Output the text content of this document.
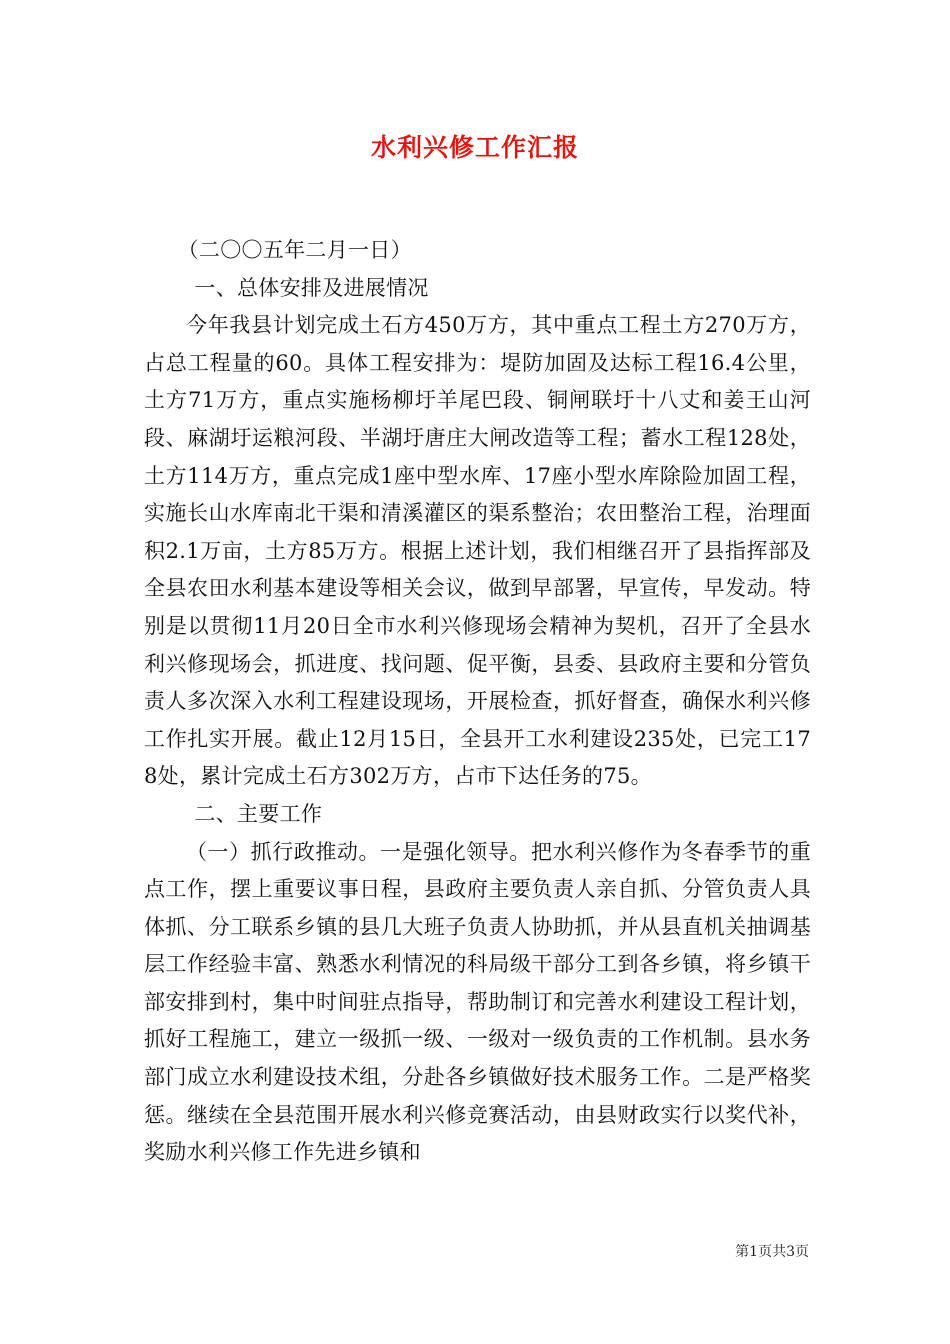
水利兴修工作汇报

（二〇〇五年二月一日）

一、总体安排及进展情况

今年我县计划完成土石方450万方，其中重点工程土方270万方，占总工程量的60。具体工程安排为：堤防加固及达标工程16.4公里，土方71万方，重点实施杨柳圩羊尾巴段、铜闸联圩十八丈和姜王山河段、麻湖圩运粮河段、半湖圩唐庄大闸改造等工程；蓄水工程128处，土方114万方，重点完成1座中型水库、17座小型水库除险加固工程，实施长山水库南北干渠和清溪灌区的渠系整治；农田整治工程，治理面积2.1万亩，土方85万方。根据上述计划，我们相继召开了县指挥部及全县农田水利基本建设等相关会议，做到早部署，早宣传，早发动。特别是以贯彻11月20日全市水利兴修现场会精神为契机，召开了全县水利兴修现场会，抓进度、找问题、促平衡，县委、县政府主要和分管负责人多次深入水利工程建设现场，开展检查，抓好督查，确保水利兴修工作扎实开展。截止12月15日，全县开工水利建设235处，已完工178处，累计完成土石方302万方，占市下达任务的75。

二、主要工作

（一）抓行政推动。一是强化领导。把水利兴修作为冬春季节的重点工作，摆上重要议事日程，县政府主要负责人亲自抓、分管负责人具体抓、分工联系乡镇的县几大班子负责人协助抓，并从县直机关抽调基层工作经验丰富、熟悉水利情况的科局级干部分工到各乡镇，将乡镇干部安排到村，集中时间驻点指导，帮助制订和完善水利建设工程计划，抓好工程施工，建立一级抓一级、一级对一级负责的工作机制。县水务部门成立水利建设技术组，分赴各乡镇做好技术服务工作。二是严格奖惩。继续在全县范围开展水利兴修竞赛活动，由县财政实行以奖代补，奖励水利兴修工作先进乡镇和

第1页共3页
